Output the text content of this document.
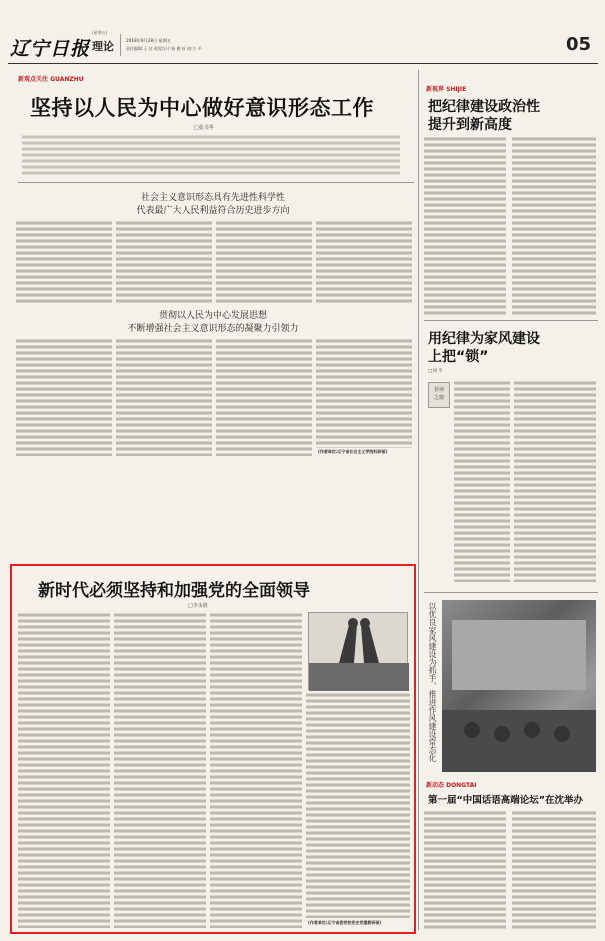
辽宁日报 理论
(星期五)
2018年9月28日 星期五
责任编辑:王 佳 视觉设计:杨 柳 检 校:方 平	05
新观点关注 GUANZHU
坚持以人民为中心做好意识形态工作
□张书华
社会主义意识形态具有先进性科学性
代表最广大人民利益符合历史进步方向
贯彻以人民为中心发展思想
不断增强社会主义意识形态的凝聚力引领力
(作者单位:辽宁省社会主义学院科研部)
新视界 SHIJIE
把纪律建设政治性
提升到新高度
用纪律为家风建设
上把“锁”
□刘 平
荐读 之窗
以优良家风建设为抓手，推进作风建设常态化
新动态 DONGTAI
第一届“中国话语高端论坛”在沈举办
新时代必须坚持和加强党的全面领导
□李永胜
(作者单位:辽宁省委党校党史党建教研部)
